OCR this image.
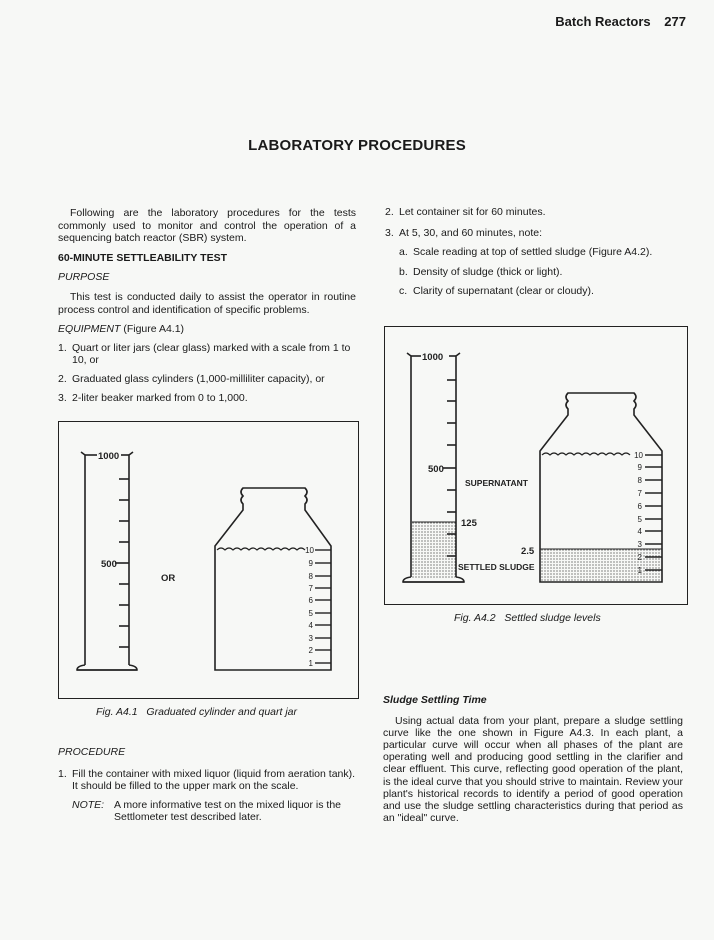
Batch Reactors 277
LABORATORY PROCEDURES

Following are the laboratory procedures for the tests commonly used to monitor and control the operation of a sequencing batch reactor (SBR) system.

60-MINUTE SETTLEABILITY TEST

PURPOSE

This test is conducted daily to assist the operator in routine process control and identification of specific problems.

EQUIPMENT (Figure A4.1)

1. Quart or liter jars (clear glass) marked with a scale from 1 to 10, or
2. Graduated glass cylinders (1,000-milliliter capacity), or
3. 2-liter beaker marked from 0 to 1,000.
1000
500
OR
10
9
8
7
6
5
4
3
2
1
Fig. A4.1 Graduated cylinder and quart jar

PROCEDURE

1. Fill the container with mixed liquor (liquid from aeration tank). It should be filled to the upper mark on the scale.
NOTE: A more informative test on the mixed liquor is the Settlometer test described later.
2. Let container sit for 60 minutes.
3. At 5, 30, and 60 minutes, note:
a. Scale reading at top of settled sludge (Figure A4.2).
b. Density of sludge (thick or light).
c. Clarity of supernatant (clear or cloudy).
1000
500
SUPERNATANT
125
2.5
SETTLED SLUDGE
10
9
8
7
6
5
4
3
2
1
Fig. A4.2 Settled sludge levels

Sludge Settling Time

Using actual data from your plant, prepare a sludge settling curve like the one shown in Figure A4.3. In each plant, a particular curve will occur when all phases of the plant are operating well and producing good settling in the clarifier and clear effluent. This curve, reflecting good operation of the plant, is the ideal curve that you should strive to maintain. Review your plant's historical records to identify a period of good operation and use the sludge settling characteristics during that period as an "ideal" curve.
